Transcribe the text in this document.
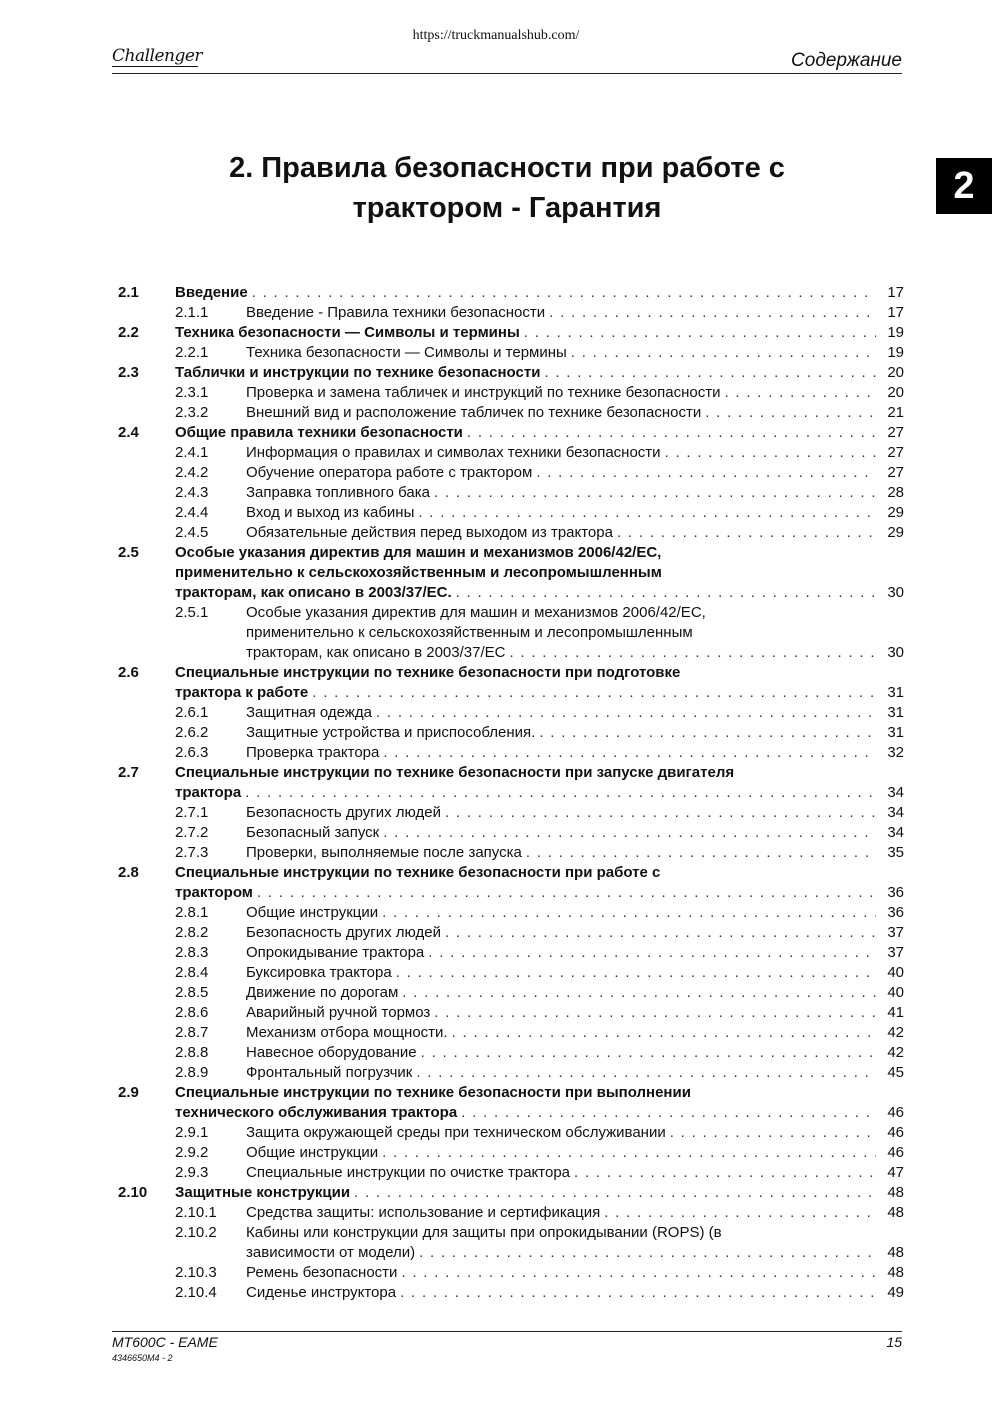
https://truckmanualshub.com/
Challenger	Содержание
2
2. Правила безопасности при работе с
трактором - Гарантия
2.1 Введение . . .	17
2.1.1	Введение - Правила техники безопасности . . .	17
2.2 Техника безопасности — Символы и термины . . .	19
2.2.1	Техника безопасности — Символы и термины . . .	19
2.3 Таблички и инструкции по технике безопасности . . .	20
2.3.1	Проверка и замена табличек и инструкций по технике безопасности . . .	20
2.3.2	Внешний вид и расположение табличек по технике безопасности . . .	21
2.4 Общие правила техники безопасности . . .	27
2.4.1	Информация о правилах и символах техники безопасности . . .	27
2.4.2	Обучение оператора работе с трактором . . .	27
2.4.3	Заправка топливного бака . . .	28
2.4.4	Вход и выход из кабины . . .	29
2.4.5	Обязательные действия перед выходом из трактора . . .	29
2.5 Особые указания директив для машин и механизмов 2006/42/EC,
применительно к сельскохозяйственным и лесопромышленным
тракторам, как описано в 2003/37/EC. . . .	30
2.5.1	Особые указания директив для машин и механизмов 2006/42/EC,
применительно к сельскохозяйственным и лесопромышленным
тракторам, как описано в 2003/37/EC . . .	30
2.6 Специальные инструкции по технике безопасности при подготовке
трактора к работе . . .	31
2.6.1	Защитная одежда . . .	31
2.6.2	Защитные устройства и приспособления. . . .	31
2.6.3	Проверка трактора . . .	32
2.7 Специальные инструкции по технике безопасности при запуске двигателя
трактора . . .	34
2.7.1	Безопасность других людей . . .	34
2.7.2	Безопасный запуск . . .	34
2.7.3	Проверки, выполняемые после запуска . . .	35
2.8 Специальные инструкции по технике безопасности при работе с
трактором . . .	36
2.8.1	Общие инструкции . . .	36
2.8.2	Безопасность других людей . . .	37
2.8.3	Опрокидывание трактора . . .	37
2.8.4	Буксировка трактора . . .	40
2.8.5	Движение по дорогам . . .	40
2.8.6	Аварийный ручной тормоз . . .	41
2.8.7	Механизм отбора мощности. . . .	42
2.8.8	Навесное оборудование . . .	42
2.8.9	Фронтальный погрузчик . . .	45
2.9 Специальные инструкции по технике безопасности при выполнении
технического обслуживания трактора . . .	46
2.9.1	Защита окружающей среды при техническом обслуживании . . .	46
2.9.2	Общие инструкции . . .	46
2.9.3	Специальные инструкции по очистке трактора . . .	47
2.10 Защитные конструкции . . .	48
2.10.1 Средства защиты: использование и сертификация . . .	48
2.10.2 Кабины или конструкции для защиты при опрокидывании (ROPS) (в
зависимости от модели) . . .	48
2.10.3 Ремень безопасности . . .	48
2.10.4 Сиденье инструктора . . .	49
MT600C - EAME
4346650M4 - 2
15
